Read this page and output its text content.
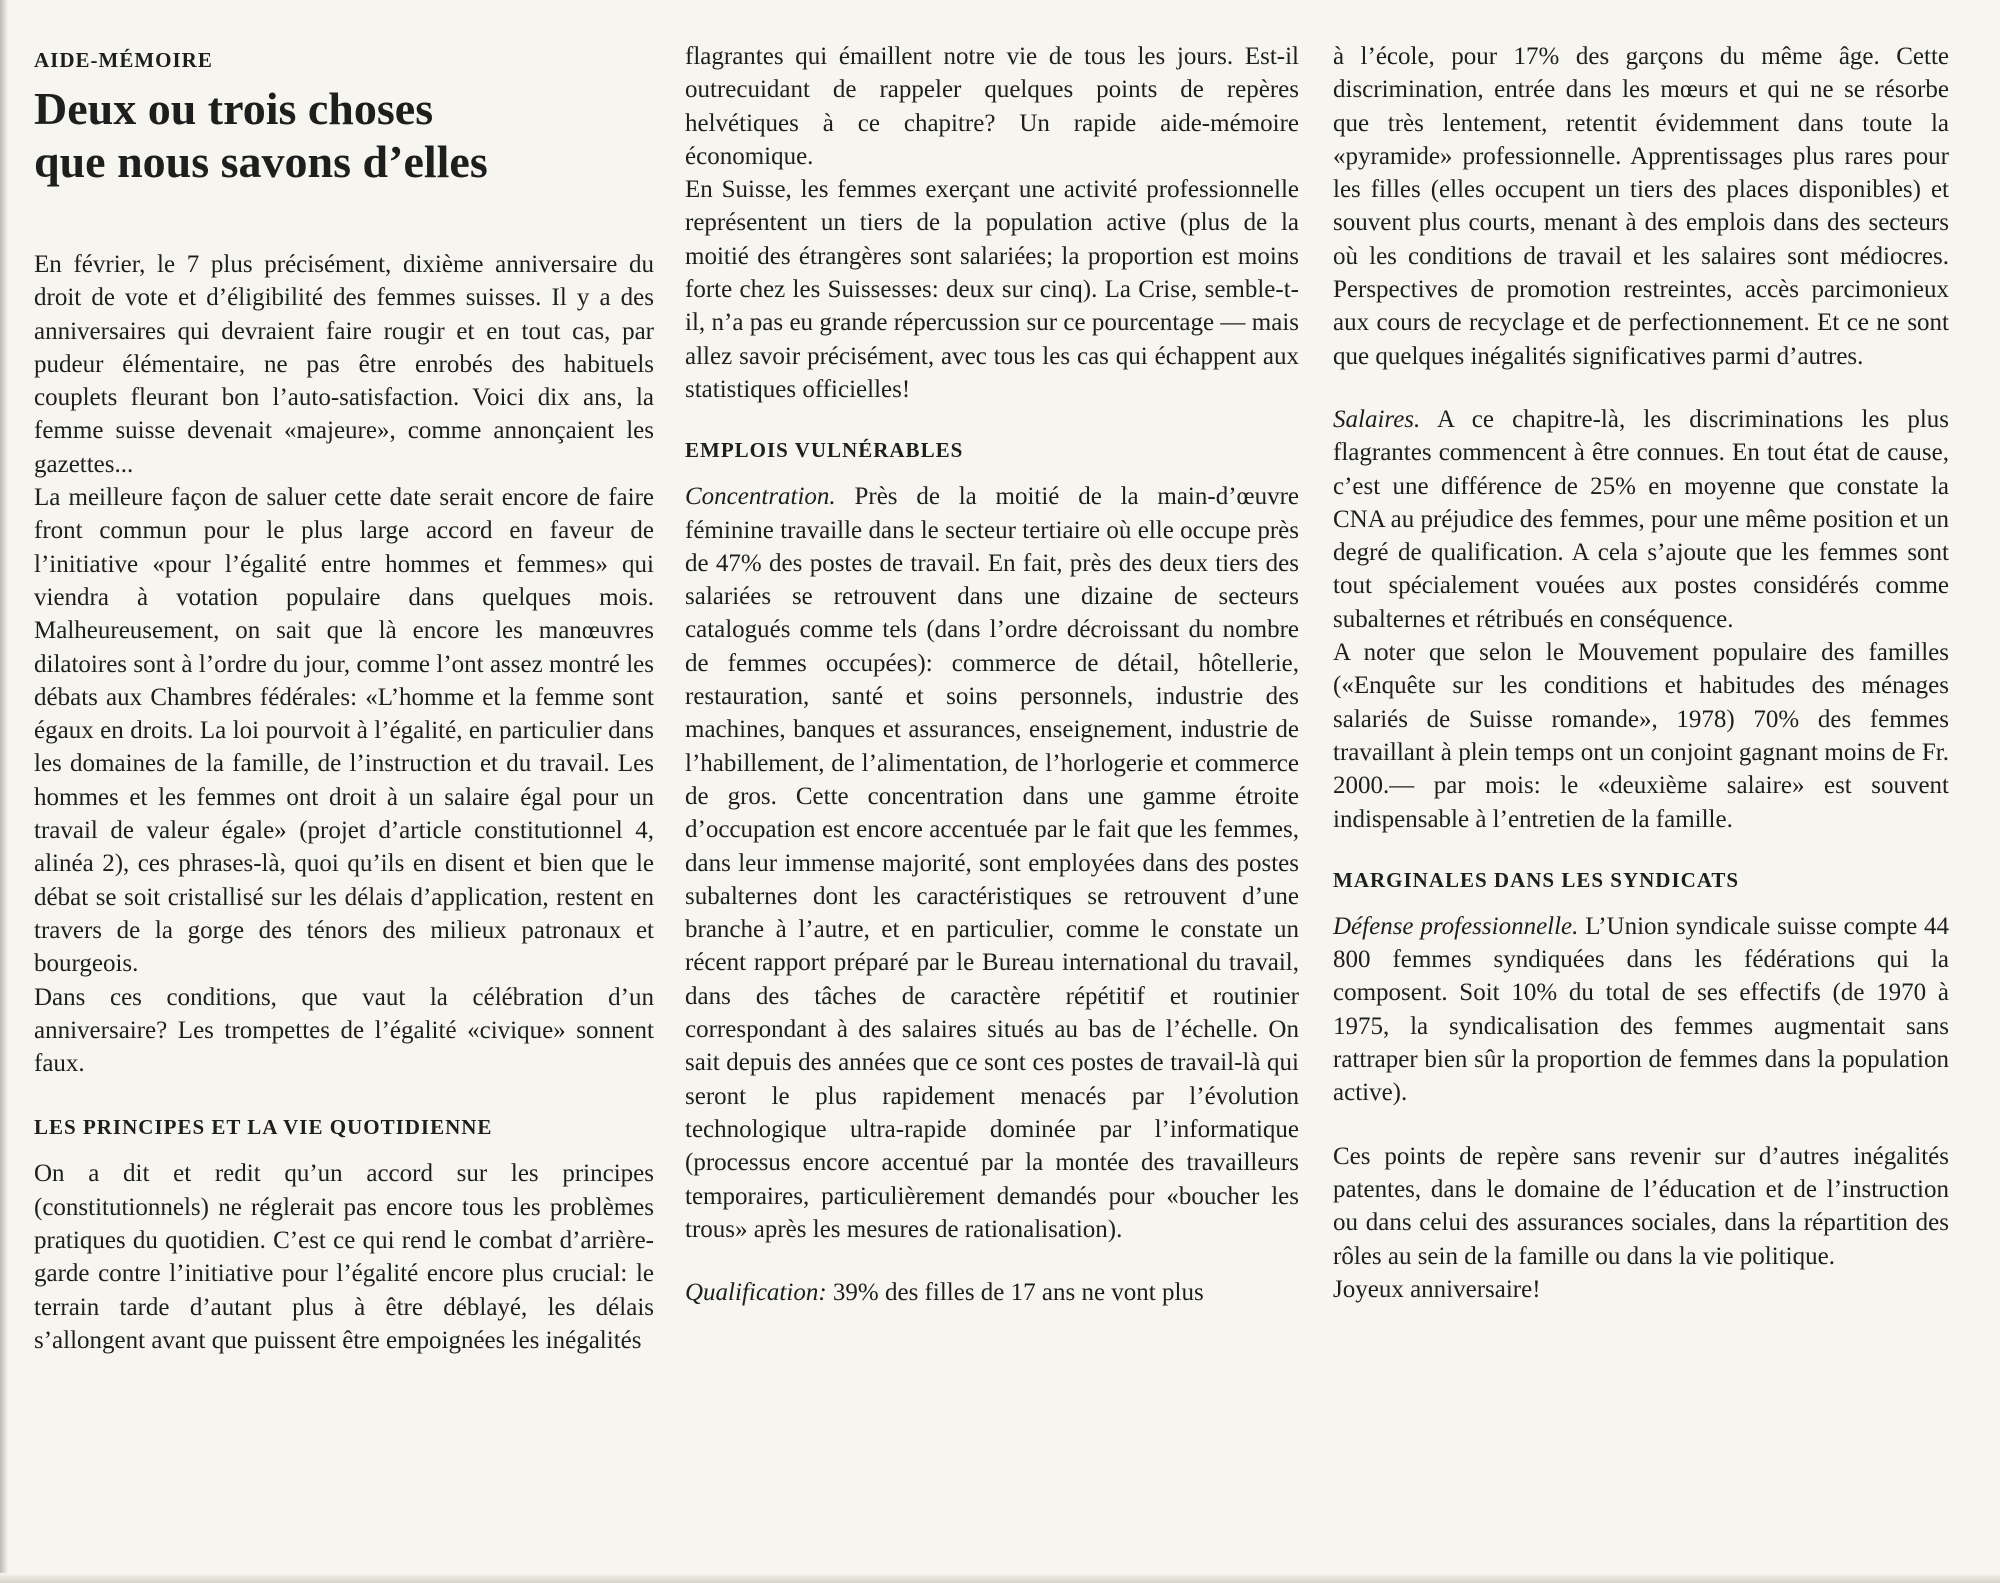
AIDE-MÉMOIRE
Deux ou trois choses
que nous savons d’elles

En février, le 7 plus précisément, dixième anniversaire du droit de vote et d’éligibilité des femmes suisses. Il y a des anniversaires qui devraient faire rougir et en tout cas, par pudeur élémentaire, ne pas être enrobés des habituels couplets fleurant bon l’auto-satisfaction. Voici dix ans, la femme suisse devenait «majeure», comme annonçaient les gazettes...

La meilleure façon de saluer cette date serait encore de faire front commun pour le plus large accord en faveur de l’initiative «pour l’égalité entre hommes et femmes» qui viendra à votation populaire dans quelques mois. Malheureusement, on sait que là encore les manœuvres dilatoires sont à l’ordre du jour, comme l’ont assez montré les débats aux Chambres fédérales: «L’homme et la femme sont égaux en droits. La loi pourvoit à l’égalité, en particulier dans les domaines de la famille, de l’instruction et du travail. Les hommes et les femmes ont droit à un salaire égal pour un travail de valeur égale» (projet d’article constitutionnel 4, alinéa 2), ces phrases-là, quoi qu’ils en disent et bien que le débat se soit cristallisé sur les délais d’application, restent en travers de la gorge des ténors des milieux patronaux et bourgeois.

Dans ces conditions, que vaut la célébration d’un anniversaire? Les trompettes de l’égalité «civique» sonnent faux.

LES PRINCIPES ET LA VIE QUOTIDIENNE

On a dit et redit qu’un accord sur les principes (constitutionnels) ne réglerait pas encore tous les problèmes pratiques du quotidien. C’est ce qui rend le combat d’arrière-garde contre l’initiative pour l’égalité encore plus crucial: le terrain tarde d’autant plus à être déblayé, les délais s’allongent avant que puissent être empoignées les inégalités

flagrantes qui émaillent notre vie de tous les jours. Est-il outrecuidant de rappeler quelques points de repères helvétiques à ce chapitre? Un rapide aide-mémoire économique.

En Suisse, les femmes exerçant une activité professionnelle représentent un tiers de la population active (plus de la moitié des étrangères sont salariées; la proportion est moins forte chez les Suissesses: deux sur cinq). La Crise, semble-t-il, n’a pas eu grande répercussion sur ce pourcentage — mais allez savoir précisément, avec tous les cas qui échappent aux statistiques officielles!

EMPLOIS VULNÉRABLES

Concentration. Près de la moitié de la main-d’œuvre féminine travaille dans le secteur tertiaire où elle occupe près de 47% des postes de travail. En fait, près des deux tiers des salariées se retrouvent dans une dizaine de secteurs catalogués comme tels (dans l’ordre décroissant du nombre de femmes occupées): commerce de détail, hôtellerie, restauration, santé et soins personnels, industrie des machines, banques et assurances, enseignement, industrie de l’habillement, de l’alimentation, de l’horlogerie et commerce de gros. Cette concentration dans une gamme étroite d’occupation est encore accentuée par le fait que les femmes, dans leur immense majorité, sont employées dans des postes subalternes dont les caractéristiques se retrouvent d’une branche à l’autre, et en particulier, comme le constate un récent rapport préparé par le Bureau international du travail, dans des tâches de caractère répétitif et routinier correspondant à des salaires situés au bas de l’échelle. On sait depuis des années que ce sont ces postes de travail-là qui seront le plus rapidement menacés par l’évolution technologique ultra-rapide dominée par l’informatique (processus encore accentué par la montée des travailleurs temporaires, particulièrement demandés pour «boucher les trous» après les mesures de rationalisation).

Qualification: 39% des filles de 17 ans ne vont plus

à l’école, pour 17% des garçons du même âge. Cette discrimination, entrée dans les mœurs et qui ne se résorbe que très lentement, retentit évidemment dans toute la «pyramide» professionnelle. Apprentissages plus rares pour les filles (elles occupent un tiers des places disponibles) et souvent plus courts, menant à des emplois dans des secteurs où les conditions de travail et les salaires sont médiocres. Perspectives de promotion restreintes, accès parcimonieux aux cours de recyclage et de perfectionnement. Et ce ne sont que quelques inégalités significatives parmi d’autres.

Salaires. A ce chapitre-là, les discriminations les plus flagrantes commencent à être connues. En tout état de cause, c’est une différence de 25% en moyenne que constate la CNA au préjudice des femmes, pour une même position et un degré de qualification. A cela s’ajoute que les femmes sont tout spécialement vouées aux postes considérés comme subalternes et rétribués en conséquence.

A noter que selon le Mouvement populaire des familles («Enquête sur les conditions et habitudes des ménages salariés de Suisse romande», 1978) 70% des femmes travaillant à plein temps ont un conjoint gagnant moins de Fr. 2000.— par mois: le «deuxième salaire» est souvent indispensable à l’entretien de la famille.

MARGINALES DANS LES SYNDICATS

Défense professionnelle. L’Union syndicale suisse compte 44 800 femmes syndiquées dans les fédérations qui la composent. Soit 10% du total de ses effectifs (de 1970 à 1975, la syndicalisation des femmes augmentait sans rattraper bien sûr la proportion de femmes dans la population active).

Ces points de repère sans revenir sur d’autres inégalités patentes, dans le domaine de l’éducation et de l’instruction ou dans celui des assurances sociales, dans la répartition des rôles au sein de la famille ou dans la vie politique.

Joyeux anniversaire!
